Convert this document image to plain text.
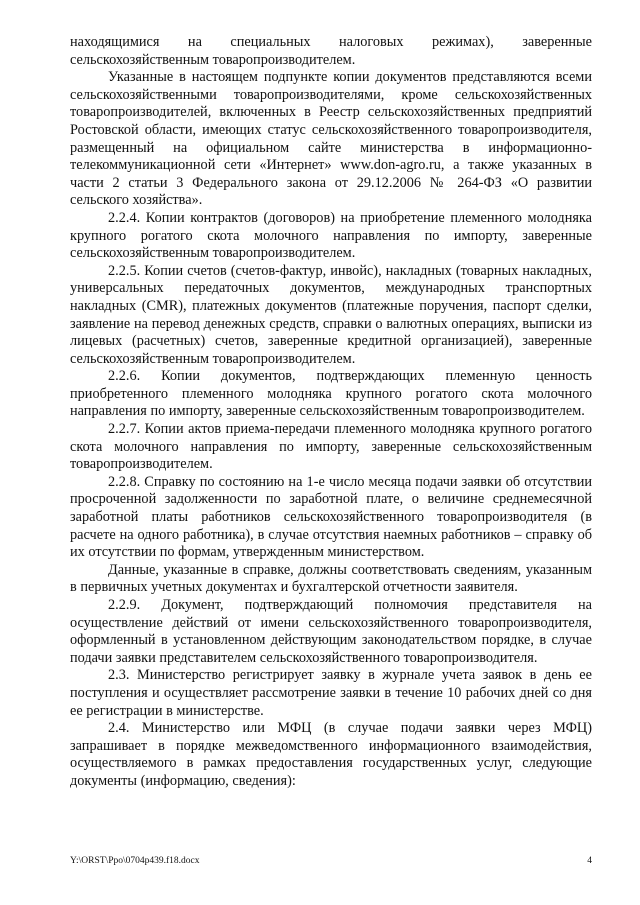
находящимися на специальных налоговых режимах), заверенные сельскохозяйственным товаропроизводителем.

Указанные в настоящем подпункте копии документов представляются всеми сельскохозяйственными товаропроизводителями, кроме сельскохозяйственных товаропроизводителей, включенных в Реестр сельскохозяйственных предприятий Ростовской области, имеющих статус сельскохозяйственного товаропроизводителя, размещенный на официальном сайте министерства в информационно-телекоммуникационной сети «Интернет» www.don-agro.ru, а также указанных в части 2 статьи 3 Федерального закона от 29.12.2006 № 264-ФЗ «О развитии сельского хозяйства».

2.2.4. Копии контрактов (договоров) на приобретение племенного молодняка крупного рогатого скота молочного направления по импорту, заверенные сельскохозяйственным товаропроизводителем.

2.2.5. Копии счетов (счетов-фактур, инвойс), накладных (товарных накладных, универсальных передаточных документов, международных транспортных накладных (CMR), платежных документов (платежные поручения, паспорт сделки, заявление на перевод денежных средств, справки о валютных операциях, выписки из лицевых (расчетных) счетов, заверенные кредитной организацией), заверенные сельскохозяйственным товаропроизводителем.

2.2.6. Копии документов, подтверждающих племенную ценность приобретенного племенного молодняка крупного рогатого скота молочного направления по импорту, заверенные сельскохозяйственным товаропроизводителем.

2.2.7. Копии актов приема-передачи племенного молодняка крупного рогатого скота молочного направления по импорту, заверенные сельскохозяйственным товаропроизводителем.

2.2.8. Справку по состоянию на 1-е число месяца подачи заявки об отсутствии просроченной задолженности по заработной плате, о величине среднемесячной заработной платы работников сельскохозяйственного товаропроизводителя (в расчете на одного работника), в случае отсутствия наемных работников – справку об их отсутствии по формам, утвержденным министерством.

Данные, указанные в справке, должны соответствовать сведениям, указанным в первичных учетных документах и бухгалтерской отчетности заявителя.

2.2.9. Документ, подтверждающий полномочия представителя на осуществление действий от имени сельскохозяйственного товаропроизводителя, оформленный в установленном действующим законодательством порядке, в случае подачи заявки представителем сельскохозяйственного товаропроизводителя.

2.3. Министерство регистрирует заявку в журнале учета заявок в день ее поступления и осуществляет рассмотрение заявки в течение 10 рабочих дней со дня ее регистрации в министерстве.

2.4. Министерство или МФЦ (в случае подачи заявки через МФЦ) запрашивает в порядке межведомственного информационного взаимодействия, осуществляемого в рамках предоставления государственных услуг, следующие документы (информацию, сведения):

Y:\ORST\Ppo\0704p439.f18.docx	4
